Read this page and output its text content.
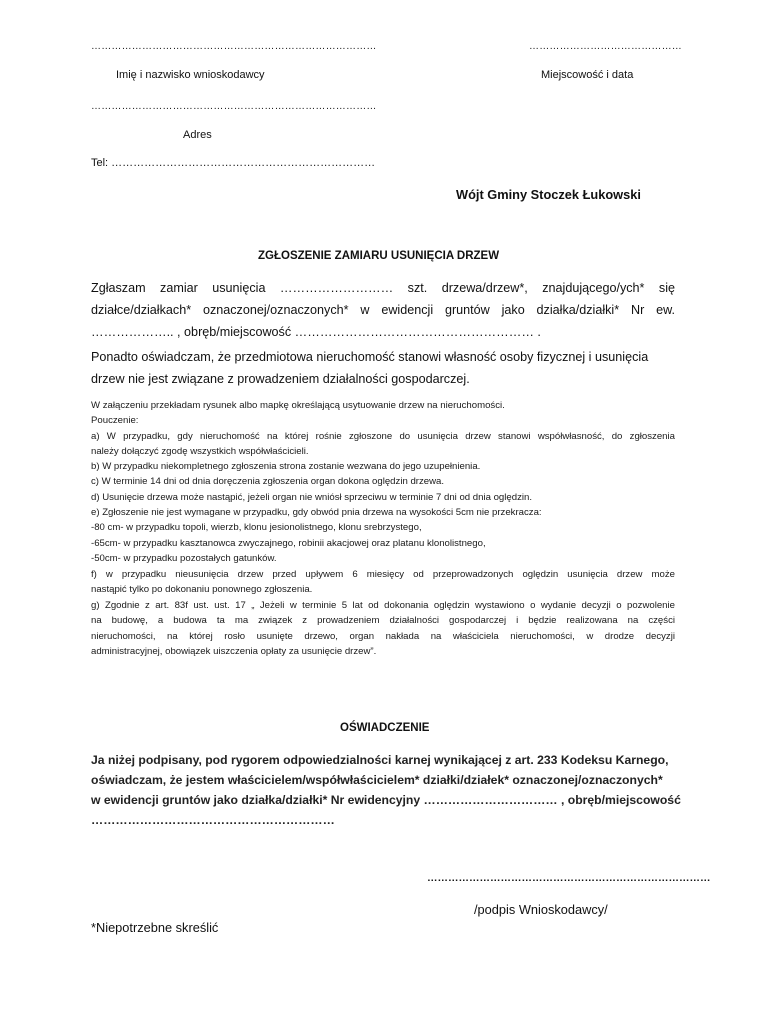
…………………………………………………………………………
Imię i nazwisko wnioskodawcy
………………………………………
Miejscowość i data
…………………………………………………………………………
Adres
Tel: ………………………………………………………………
Wójt Gminy Stoczek Łukowski
ZGŁOSZENIE ZAMIARU USUNIĘCIA DRZEW
Zgłaszam zamiar usunięcia ……………………… szt. drzewa/drzew*, znajdującego/ych* się
działce/działkach* oznaczonej/oznaczonych* w ewidencji gruntów jako działka/działki* Nr ew.
……………….. , obręb/miejscowość ………………………………………………… .
Ponadto oświadczam, że przedmiotowa nieruchomość stanowi własność osoby fizycznej i usunięcia
drzew nie jest związane z prowadzeniem działalności gospodarczej.
W załączeniu przekładam rysunek albo mapkę określającą usytuowanie drzew na nieruchomości.
Pouczenie:
a) W przypadku, gdy nieruchomość na której rośnie zgłoszone do usunięcia drzew stanowi współwłasność, do zgłoszenia
należy dołączyć zgodę wszystkich współwłaścicieli.
b) W przypadku niekompletnego zgłoszenia strona zostanie wezwana do jego uzupełnienia.
c) W terminie 14 dni od dnia doręczenia zgłoszenia organ dokona oględzin drzewa.
d) Usunięcie drzewa może nastąpić, jeżeli organ nie wniósł sprzeciwu w terminie 7 dni od dnia oględzin.
e) Zgłoszenie nie jest wymagane w przypadku, gdy obwód pnia drzewa na wysokości 5cm nie przekracza:
-80 cm- w przypadku topoli, wierzb, klonu jesionolistnego, klonu srebrzystego,
-65cm- w przypadku kasztanowca zwyczajnego, robinii akacjowej oraz platanu klonolistnego,
-50cm- w przypadku pozostałych gatunków.
f) w przypadku nieusunięcia drzew przed upływem 6 miesięcy od przeprowadzonych oględzin usunięcia drzew może
nastąpić tylko po dokonaniu ponownego zgłoszenia.
g) Zgodnie z art. 83f ust. ust. 17 „ Jeżeli w terminie 5 lat od dokonania oględzin wystawiono o wydanie decyzji o pozwolenie
na budowę, a budowa ta ma związek z prowadzeniem działalności gospodarczej i będzie realizowana na części
nieruchomości, na której rosło usunięte drzewo, organ nakłada na właściciela nieruchomości, w drodze decyzji
administracyjnej, obowiązek uiszczenia opłaty za usunięcie drzew”.
OŚWIADCZENIE
Ja niżej podpisany, pod rygorem odpowiedzialności karnej wynikającej z art. 233 Kodeksu Karnego,
oświadczam, że jestem właścicielem/współwłaścicielem* działki/działek* oznaczonej/oznaczonych*
w ewidencji gruntów jako działka/działki* Nr ewidencyjny …………………………… , obręb/miejscowość
……………………………………………………
………………………………………………………………………
/podpis Wnioskodawcy/
*Niepotrzebne skreślić
